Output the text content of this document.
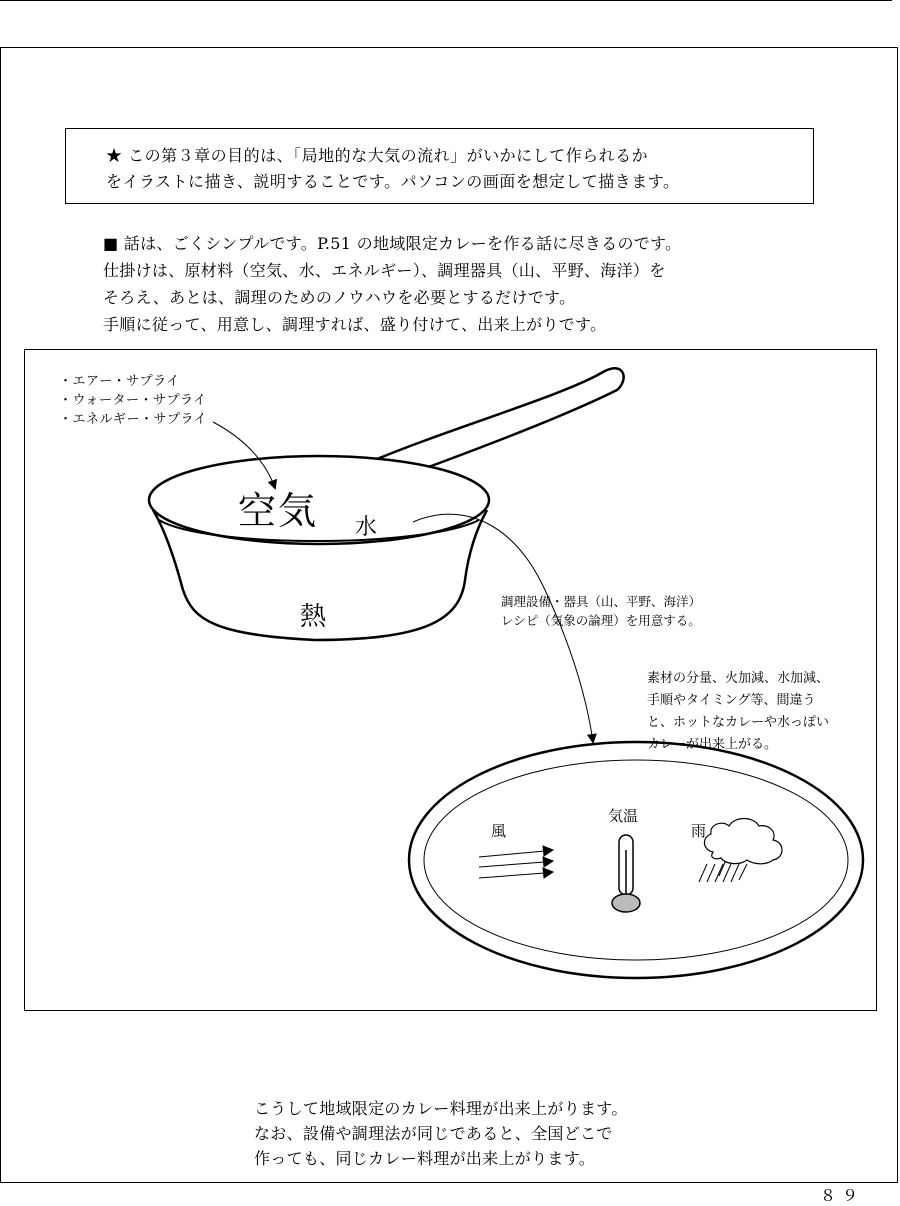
★ この第３章の目的は、「局地的な大気の流れ」がいかにして作られるか
をイラストに描き、説明することです。パソコンの画面を想定して描きます。
■ 話は、ごくシンプルです。P.51 の地域限定カレーを作る話に尽きるのです。
仕掛けは、原材料（空気、水、エネルギー）、調理器具（山、平野、海洋）を
そろえ、あとは、調理のためのノウハウを必要とするだけです。
手順に従って、用意し、調理すれば、盛り付けて、出来上がりです。
・エアー・サプライ
・ウォーター・サプライ
・エネルギー・サプライ
空気 水
熱
調理設備・器具（山、平野、海洋）
レシピ（気象の論理）を用意する。
素材の分量、火加減、水加減、
手順やタイミング等、間違う
と、ホットなカレーや水っぽい
カレーが出来上がる。
風
気温
雨
こうして地域限定のカレー料理が出来上がります。
なお、設備や調理法が同じであると、全国どこで
作っても、同じカレー料理が出来上がります。
８９
